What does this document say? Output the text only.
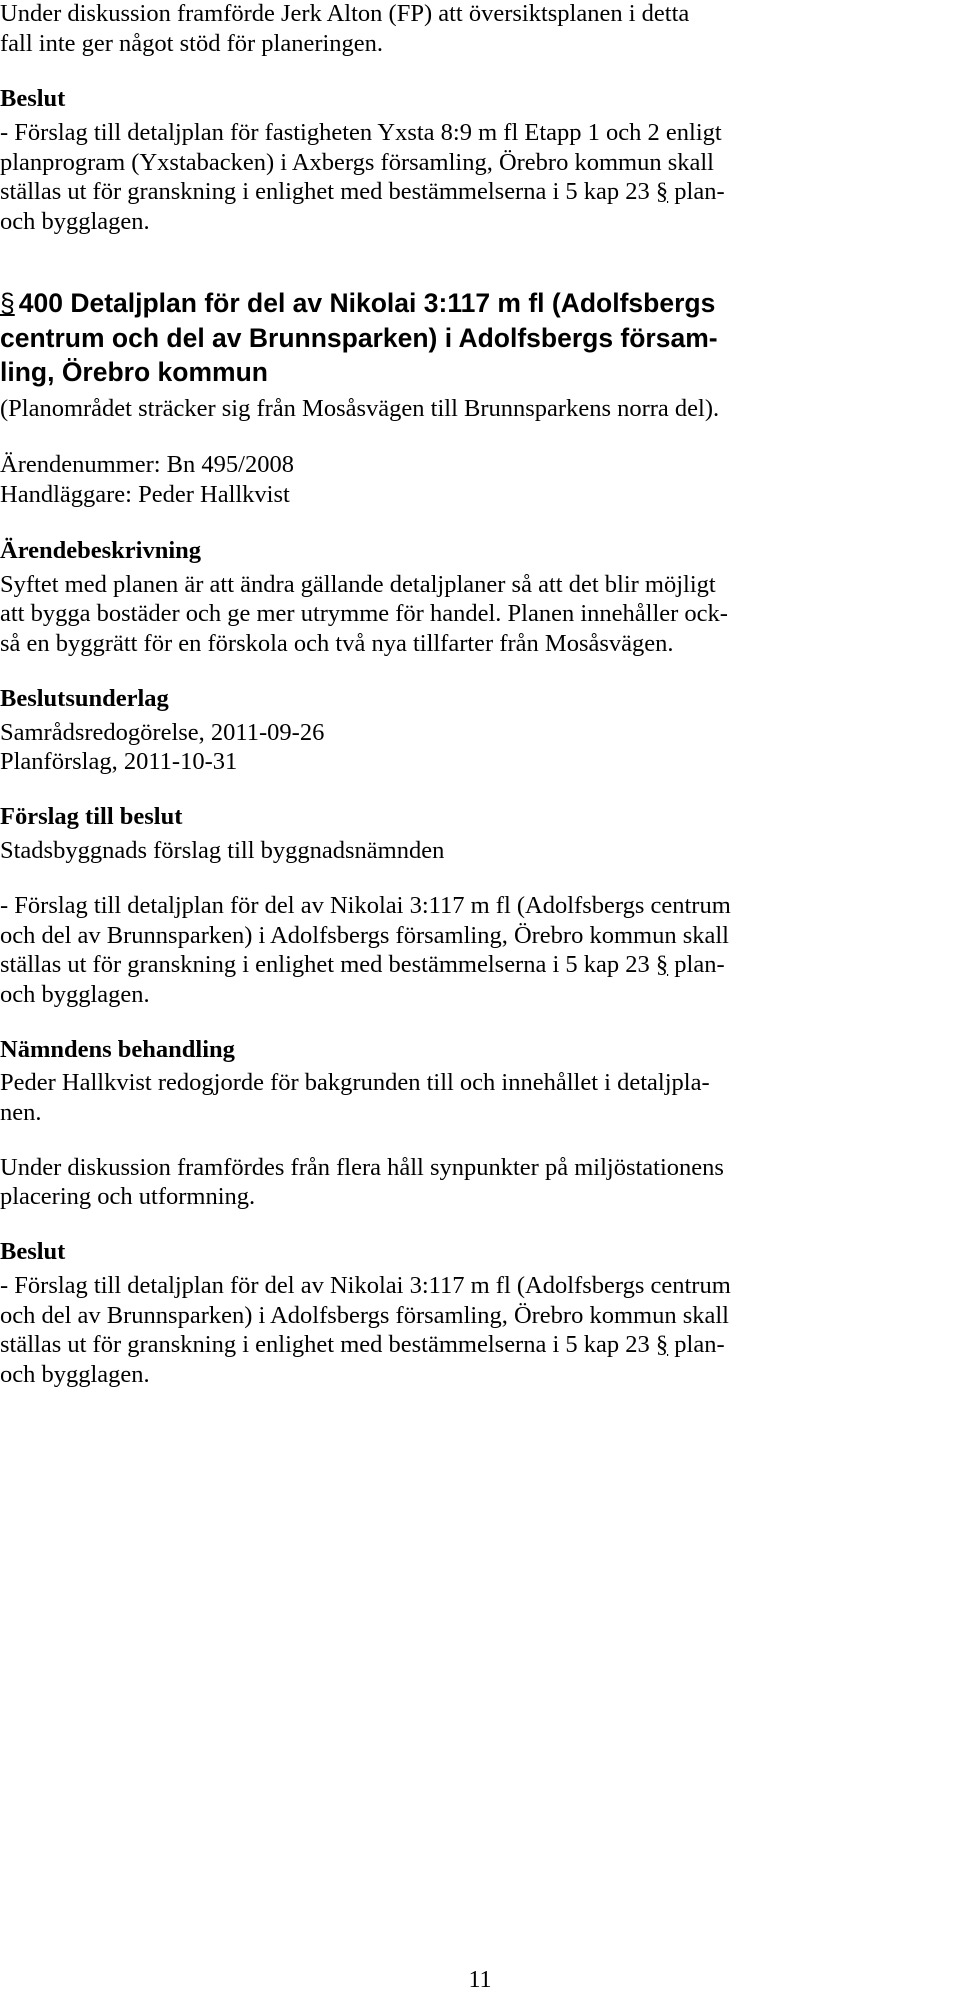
Under diskussion framförde Jerk Alton (FP) att översiktsplanen i detta
fall inte ger något stöd för planeringen.
Beslut
- Förslag till detaljplan för fastigheten Yxsta 8:9 m fl Etapp 1 och 2 enligt
planprogram (Yxstabacken) i Axbergs församling, Örebro kommun skall
ställas ut för granskning i enlighet med bestämmelserna i 5 kap 23 § plan-
och bygglagen.
§ 400 Detaljplan för del av Nikolai 3:117 m fl (Adolfsbergs
centrum och del av Brunnsparken) i Adolfsbergs försam-
ling, Örebro kommun
(Planområdet sträcker sig från Mosåsvägen till Brunnsparkens norra del).
Ärendenummer: Bn 495/2008
Handläggare: Peder Hallkvist
Ärendebeskrivning
Syftet med planen är att ändra gällande detaljplaner så att det blir möjligt
att bygga bostäder och ge mer utrymme för handel. Planen innehåller ock-
så en byggrätt för en förskola och två nya tillfarter från Mosåsvägen.
Beslutsunderlag
Samrådsredogörelse, 2011-09-26
Planförslag, 2011-10-31
Förslag till beslut
Stadsbyggnads förslag till byggnadsnämnden
- Förslag till detaljplan för del av Nikolai 3:117 m fl (Adolfsbergs centrum
och del av Brunnsparken) i Adolfsbergs församling, Örebro kommun skall
ställas ut för granskning i enlighet med bestämmelserna i 5 kap 23 § plan-
och bygglagen.
Nämndens behandling
Peder Hallkvist redogjorde för bakgrunden till och innehållet i detaljpla-
nen.
Under diskussion framfördes från flera håll synpunkter på miljöstationens
placering och utformning.
Beslut
- Förslag till detaljplan för del av Nikolai 3:117 m fl (Adolfsbergs centrum
och del av Brunnsparken) i Adolfsbergs församling, Örebro kommun skall
ställas ut för granskning i enlighet med bestämmelserna i 5 kap 23 § plan-
och bygglagen.
11
